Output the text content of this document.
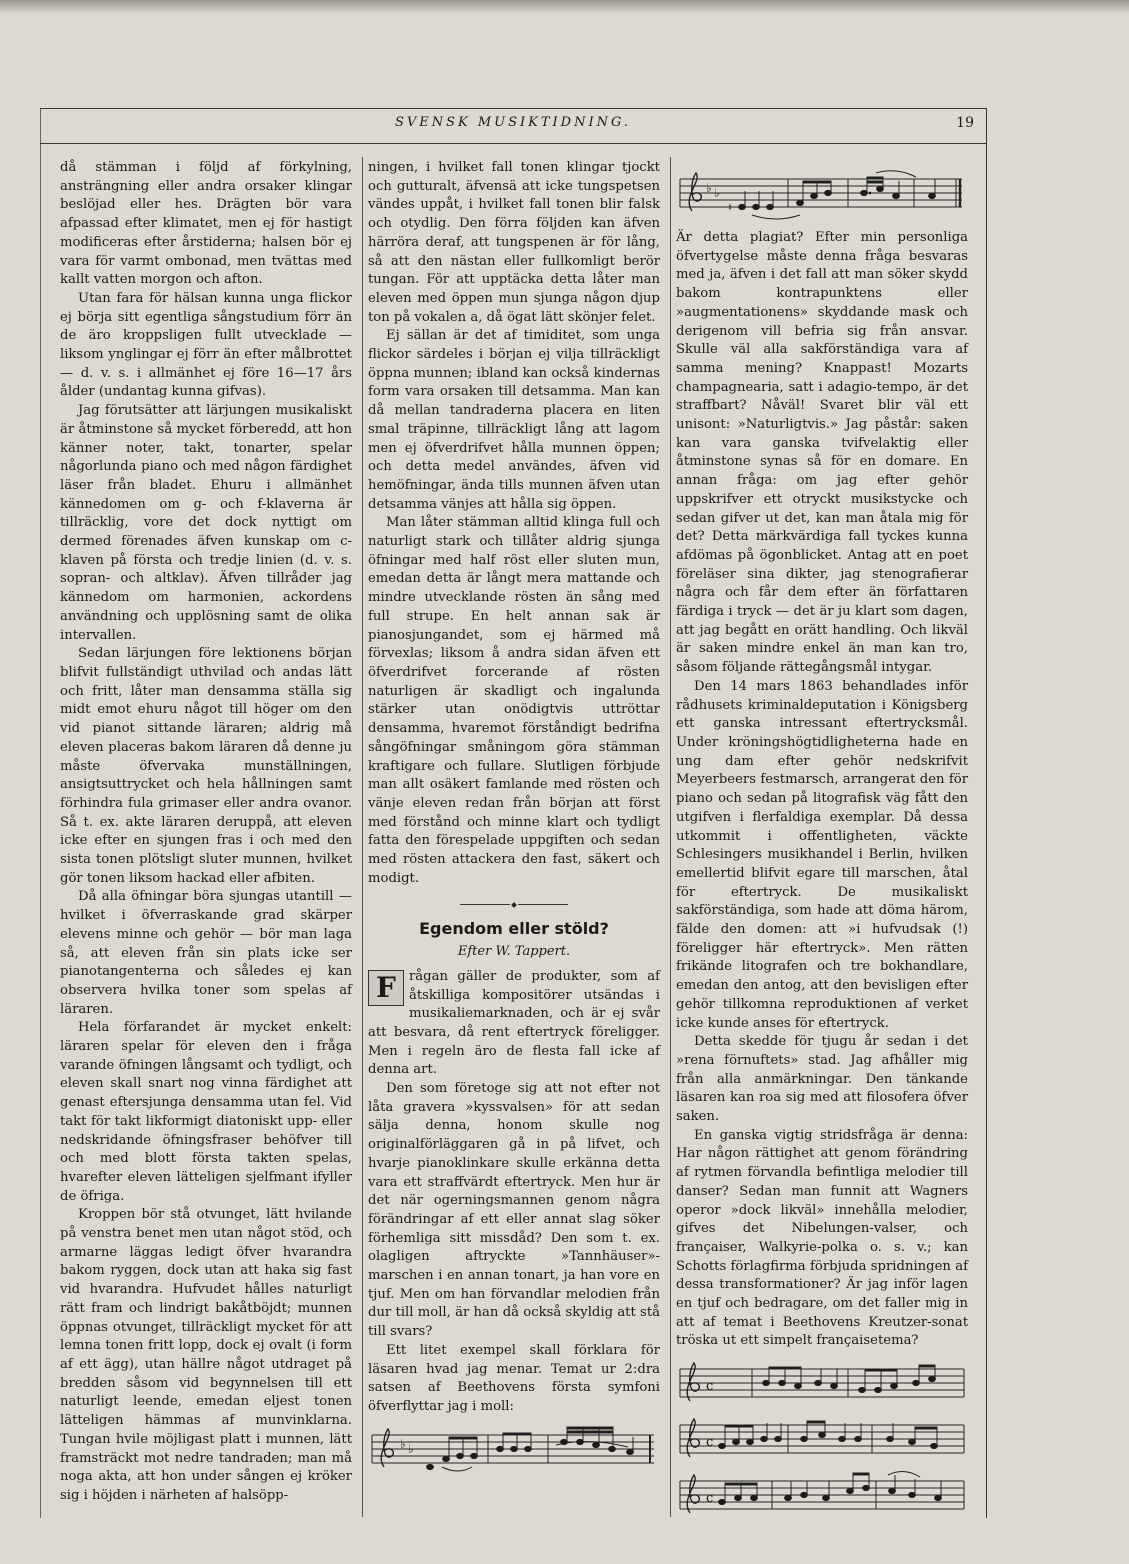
SVENSK MUSIKTIDNING.	19

då stämman i följd af förkylning, ansträngning eller andra orsaker klingar beslöjad eller hes. Drägten bör vara afpassad efter klimatet, men ej för hastigt modificeras efter årstiderna; halsen bör ej vara för varmt ombonad, men tvättas med kallt vatten morgon och afton.

Utan fara för hälsan kunna unga flickor ej börja sitt egentliga sångstudium förr än de äro kroppsligen fullt utvecklade — liksom ynglingar ej förr än efter målbrottet — d. v. s. i allmänhet ej före 16—17 års ålder (undantag kunna gifvas).

Jag förutsätter att lärjungen musikaliskt är åtminstone så mycket förberedd, att hon känner noter, takt, tonarter, spelar någorlunda piano och med någon färdighet läser från bladet. Ehuru i allmänhet kännedomen om g- och f-klaverna är tillräcklig, vore det dock nyttigt om dermed förenades äfven kunskap om c-klaven på första och tredje linien (d. v. s. sopran- och altklav). Äfven tillråder jag kännedom om harmonien, ackordens användning och upplösning samt de olika intervallen.

Sedan lärjungen före lektionens början blifvit fullständigt uthvilad och andas lätt och fritt, låter man densamma ställa sig midt emot ehuru något till höger om den vid pianot sittande läraren; aldrig må eleven placeras bakom läraren då denne ju måste öfvervaka munställningen, ansigtsuttrycket och hela hållningen samt förhindra fula grimaser eller andra ovanor. Så t. ex. akte läraren deruppå, att eleven icke efter en sjungen fras i och med den sista tonen plötsligt sluter munnen, hvilket gör tonen liksom hackad eller afbiten.

Då alla öfningar böra sjungas utantill — hvilket i öfverraskande grad skärper elevens minne och gehör — bör man laga så, att eleven från sin plats icke ser pianotangenterna och således ej kan observera hvilka toner som spelas af läraren.

Hela förfarandet är mycket enkelt: läraren spelar för eleven den i fråga varande öfningen långsamt och tydligt, och eleven skall snart nog vinna färdighet att genast eftersjunga densamma utan fel. Vid takt för takt likformigt diatoniskt upp- eller nedskridande öfningsfraser behöfver till och med blott första takten spelas, hvarefter eleven lätteligen sjelfmant ifyller de öfriga.

Kroppen bör stå otvunget, lätt hvilande på venstra benet men utan något stöd, och armarne läggas ledigt öfver hvarandra bakom ryggen, dock utan att haka sig fast vid hvarandra. Hufvudet hålles naturligt rätt fram och lindrigt bakåtböjdt; munnen öppnas otvunget, tillräckligt mycket för att lemna tonen fritt lopp, dock ej ovalt (i form af ett ägg), utan hällre något utdraget på bredden såsom vid begynnelsen till ett naturligt leende, emedan eljest tonen lätteligen hämmas af munvinklarna. Tungan hvile möjligast platt i munnen, lätt framsträckt mot nedre tandraden; man må noga akta, att hon under sången ej kröker sig i höjden i närheten af halsöpp-

ningen, i hvilket fall tonen klingar tjockt och gutturalt, äfvensä att icke tungspetsen vändes uppåt, i hvilket fall tonen blir falsk och otydlig. Den förra följden kan äfven härröra deraf, att tungspenen är för lång, så att den nästan eller fullkomligt berör tungan. För att upptäcka detta låter man eleven med öppen mun sjunga någon djup ton på vokalen a, då ögat lätt skönjer felet.

Ej sällan är det af timiditet, som unga flickor särdeles i början ej vilja tillräckligt öppna munnen; ibland kan också kindernas form vara orsaken till detsamma. Man kan då mellan tandraderna placera en liten smal träpinne, tillräckligt lång att lagom men ej öfverdrifvet hålla munnen öppen; och detta medel användes, äfven vid hemöfningar, ända tills munnen äfven utan detsamma vänjes att hålla sig öppen.

Man låter stämman alltid klinga full och naturligt stark och tillåter aldrig sjunga öfningar med half röst eller sluten mun, emedan detta är långt mera mattande och mindre utvecklande rösten än sång med full strupe. En helt annan sak är pianosjungandet, som ej härmed må förvexlas; liksom å andra sidan äfven ett öfverdrifvet forcerande af rösten naturligen är skadligt och ingalunda stärker utan onödigtvis uttröttar densamma, hvaremot förståndigt bedrifna sångöfningar småningom göra stämman kraftigare och fullare. Slutligen förbjude man allt osäkert famlande med rösten och vänje eleven redan från början att först med förstånd och minne klart och tydligt fatta den förespelade uppgiften och sedan med rösten attackera den fast, säkert och modigt.

Egendom eller stöld?
Efter W. Tappert.

F rågan gäller de produkter, som af åtskilliga kompositörer utsändas i musikaliemarknaden, och är ej svår att besvara, då rent eftertryck föreligger. Men i regeln äro de flesta fall icke af denna art.

Den som företoge sig att not efter not låta gravera »kyssvalsen» för att sedan sälja denna, honom skulle nog originalförläggaren gå in på lifvet, och hvarje pianoklinkare skulle erkänna detta vara ett straffvärdt eftertryck. Men hur är det när ogerningsmannen genom några förändringar af ett eller annat slag söker förhemliga sitt missdåd? Den som t. ex. olagligen aftryckte »Tannhäuser»-marschen i en annan tonart, ja han vore en tjuf. Men om han förvandlar melodien från dur till moll, är han då också skyldig att stå till svars?

Ett litet exempel skall förklara för läsaren hvad jag menar. Temat ur 2:dra satsen af Beethovens första symfoni öfverflyttar jag i moll:

♭ ♭
♭ ♭
♮

Är detta plagiat? Efter min personliga öfvertygelse måste denna fråga besvaras med ja, äfven i det fall att man söker skydd bakom kontrapunktens eller »augmentationens» skyddande mask och derigenom vill befria sig från ansvar. Skulle väl alla sakförständiga vara af samma mening? Knappast! Mozarts champagnearia, satt i adagio-tempo, är det straffbart? Nåväl! Svaret blir väl ett unisont: »Naturligtvis.» Jag påstår: saken kan vara ganska tvifvelaktig eller åtminstone synas så för en domare. En annan fråga: om jag efter gehör uppskrifver ett otryckt musikstycke och sedan gifver ut det, kan man åtala mig för det? Detta märkvärdiga fall tyckes kunna afdömas på ögonblicket. Antag att en poet föreläser sina dikter, jag stenografierar några och får dem efter än författaren färdiga i tryck — det är ju klart som dagen, att jag begått en orätt handling. Och likväl är saken mindre enkel än man kan tro, såsom följande rättegångsmål intygar.

Den 14 mars 1863 behandlades inför rådhusets kriminaldeputation i Königsberg ett ganska intressant eftertrycksmål. Under kröningshögtidligheterna hade en ung dam efter gehör nedskrifvit Meyerbeers festmarsch, arrangerat den för piano och sedan på litografisk väg fått den utgifven i flerfaldiga exemplar. Då dessa utkommit i offentligheten, väckte Schlesingers musikhandel i Berlin, hvilken emellertid blifvit egare till marschen, åtal för eftertryck. De musikaliskt sakförständiga, som hade att döma härom, fälde den domen: att »i hufvudsak (!) föreligger här eftertryck». Men rätten frikände litografen och tre bokhandlare, emedan den antog, att den bevisligen efter gehör tillkomna reproduktionen af verket icke kunde anses för eftertryck.

Detta skedde för tjugu år sedan i det »rena förnuftets» stad. Jag afhåller mig från alla anmärkningar. Den tänkande läsaren kan roa sig med att filosofera öfver saken.

En ganska vigtig stridsfråga är denna: Har någon rättighet att genom förändring af rytmen förvandla befintliga melodier till danser? Sedan man funnit att Wagners operor »dock likväl» innehålla melodier, gifves det Nibelungen-valser, och françaiser, Walkyrie-polka o. s. v.; kan Schotts förlagfirma förbjuda spridningen af dessa transformationer? Är jag inför lagen en tjuf och bedragare, om det faller mig in att af temat i Beethovens Kreutzer-sonat tröska ut ett simpelt françaisetema?

c
c
c
